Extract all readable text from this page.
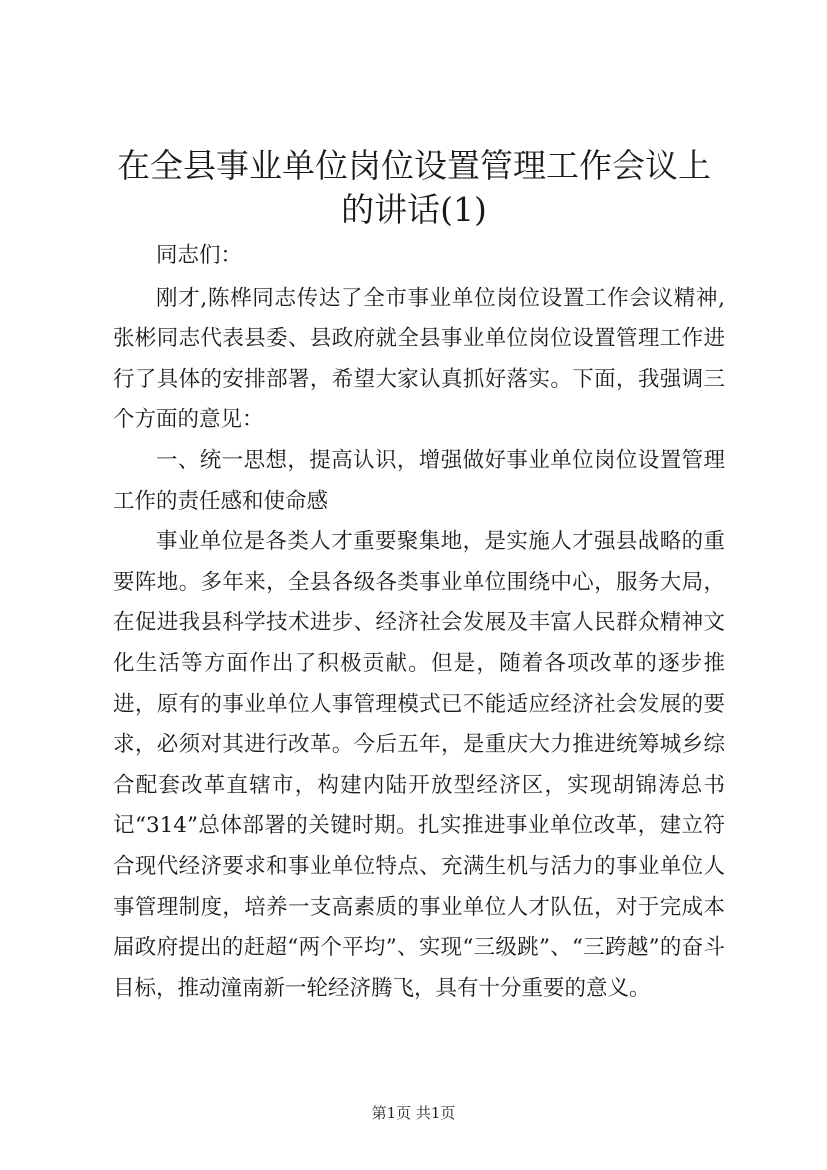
在全县事业单位岗位设置管理工作会议上的讲话(1)

同志们：

刚才,陈桦同志传达了全市事业单位岗位设置工作会议精神,张彬同志代表县委、县政府就全县事业单位岗位设置管理工作进行了具体的安排部署，希望大家认真抓好落实。下面，我强调三个方面的意见：

一、统一思想，提高认识，增强做好事业单位岗位设置管理工作的责任感和使命感

事业单位是各类人才重要聚集地，是实施人才强县战略的重要阵地。多年来，全县各级各类事业单位围绕中心，服务大局，在促进我县科学技术进步、经济社会发展及丰富人民群众精神文化生活等方面作出了积极贡献。但是，随着各项改革的逐步推进，原有的事业单位人事管理模式已不能适应经济社会发展的要求，必须对其进行改革。今后五年，是重庆大力推进统筹城乡综合配套改革直辖市，构建内陆开放型经济区，实现胡锦涛总书记“314”总体部署的关键时期。扎实推进事业单位改革，建立符合现代经济要求和事业单位特点、充满生机与活力的事业单位人事管理制度，培养一支高素质的事业单位人才队伍，对于完成本届政府提出的赶超“两个平均”、实现“三级跳”、“三跨越”的奋斗目标，推动潼南新一轮经济腾飞，具有十分重要的意义。

第1页 共1页
